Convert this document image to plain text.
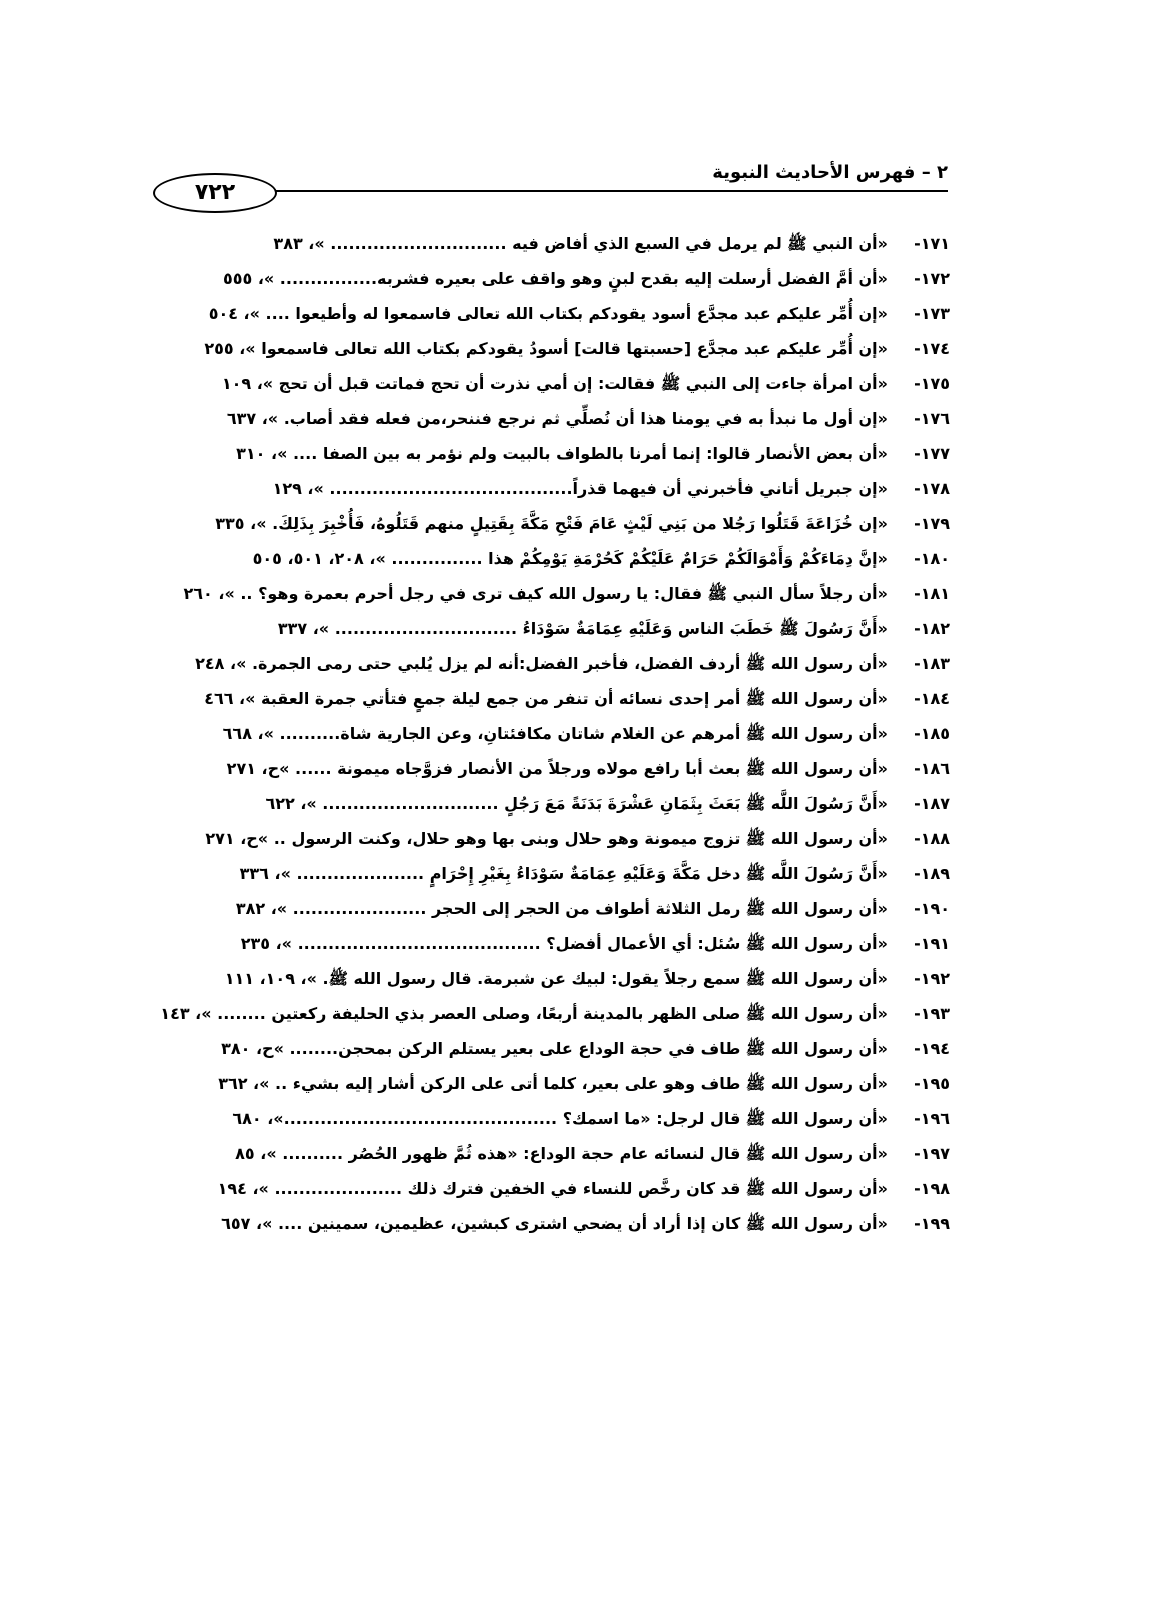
٢ – فهرس الأحاديث النبوية
٧٢٢
١٧١-«أن النبي ﷺ لم يرمل في السبع الذي أفاض فيه ............................. »، ٣٨٣
١٧٢-«أن أمَّ الفضل أرسلت إليه بقدح لبنٍ وهو واقف على بعيره فشربه................ »، ٥٥٥
١٧٣-«إن أُمِّر عليكم عبد مجدَّع أسود يقودكم بكتاب الله تعالى فاسمعوا له وأطيعوا .... »، ٥٠٤
١٧٤-«إن أُمِّر عليكم عبد مجدَّع [حسبتها قالت] أسودُ يقودكم بكتاب الله تعالى فاسمعوا »، ٢٥٥
١٧٥-«أن امرأة جاءت إلى النبي ﷺ فقالت: إن أمي نذرت أن تحج فماتت قبل أن تحج »، ١٠٩
١٧٦-«إن أول ما نبدأ به في يومنا هذا أن نُصلِّي ثم نرجع فننحر،من فعله فقد أصاب. »، ٦٣٧
١٧٧-«أن بعض الأنصار قالوا: إنما أمرنا بالطواف بالبيت ولم نؤمر به بين الصفا .... »، ٣١٠
١٧٨-«إن جبريل أتاني فأخبرني أن فيهما قذراً........................................ »، ١٢٩
١٧٩-«إن خُزَاعَةَ قَتَلُوا رَجُلا من بَنِي لَيْثٍ عَامَ فَتْحِ مَكَّةَ بِقَتِيلٍ منهم قَتَلُوهُ، فَأُخْبِرَ بِذَلِكَ. »، ٣٣٥
١٨٠-«إنَّ دِمَاءَكُمْ وَأَمْوَالَكُمْ حَرَامٌ عَلَيْكُمْ كَحُرْمَةِ يَوْمِكُمْ هذا ............... »، ٢٠٨، ٥٠١، ٥٠٥
١٨١-«أن رجلاً سأل النبي ﷺ فقال: يا رسول الله كيف ترى في رجل أحرم بعمرة وهو؟ .. »، ٢٦٠
١٨٢-«أَنَّ رَسُولَ ﷺ خَطَبَ الناس وَعَلَيْهِ عِمَامَةٌ سَوْدَاءُ .............................. »، ٣٣٧
١٨٣-«أن رسول الله ﷺ أردف الفضل، فأخبر الفضل:أنه لم يزل يُلبي حتى رمى الجمرة. »، ٢٤٨
١٨٤-«أن رسول الله ﷺ أمر إحدى نسائه أن تنفر من جمع ليلة جمعٍ فتأتي جمرة العقبة »، ٤٦٦
١٨٥-«أن رسول الله ﷺ أمرهم عن الغلام شاتان مكافئتانِ، وعن الجارية شاة.......... »، ٦٦٨
١٨٦-«أن رسول الله ﷺ بعث أبا رافع مولاه ورجلاً من الأنصار فزوَّجاه ميمونة ...... »ح، ٢٧١
١٨٧-«أَنَّ رَسُولَ اللَّه ﷺ بَعَثَ بِثَمَانِ عَشْرَةَ بَدَنَةً مَعَ رَجُلٍ ............................. »، ٦٢٢
١٨٨-«أن رسول الله ﷺ تزوج ميمونة وهو حلال وبنى بها وهو حلال، وكنت الرسول .. »ح، ٢٧١
١٨٩-«أَنَّ رَسُولَ اللَّه ﷺ دخل مَكَّةَ وَعَلَيْهِ عِمَامَةٌ سَوْدَاءُ بِغَيْرِ إِحْرَامٍ ..................... »، ٣٣٦
١٩٠-«أن رسول الله ﷺ رمل الثلاثة أطواف من الحجر إلى الحجر ...................... »، ٣٨٢
١٩١-«أن رسول الله ﷺ سُئل: أي الأعمال أفضل؟ ........................................ »، ٢٣٥
١٩٢-«أن رسول الله ﷺ سمع رجلاً يقول: لبيك عن شبرمة. قال رسول الله ﷺ. »، ١٠٩، ١١١
١٩٣-«أن رسول الله ﷺ صلى الظهر بالمدينة أربعًا، وصلى العصر بذي الحليفة ركعتين ........ »، ١٤٣
١٩٤-«أن رسول الله ﷺ طاف في حجة الوداع على بعير يستلم الركن بمحجن........ »ح، ٣٨٠
١٩٥-«أن رسول الله ﷺ طاف وهو على بعير، كلما أتى على الركن أشار إليه بشيء .. »، ٣٦٢
١٩٦-«أن رسول الله ﷺ قال لرجل: «ما اسمك؟ .............................................»، ٦٨٠
١٩٧-«أن رسول الله ﷺ قال لنسائه عام حجة الوداع: «هذه ثُمَّ ظهور الحُصُر .......... »، ٨٥
١٩٨-«أن رسول الله ﷺ قد كان رخَّص للنساء في الخفين فترك ذلك ..................... »، ١٩٤
١٩٩-«أن رسول الله ﷺ كان إذا أراد أن يضحي اشترى كبشين، عظيمين، سمينين .... »، ٦٥٧
